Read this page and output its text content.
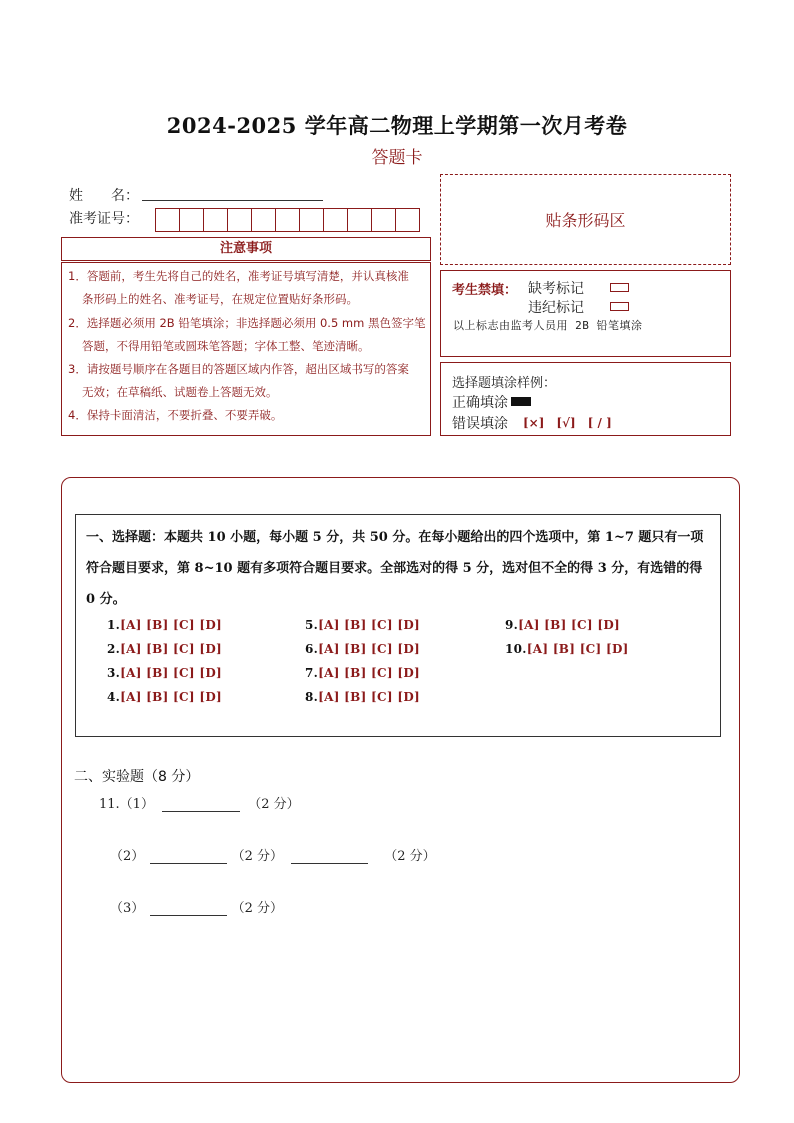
2024-2025 学年高二物理上学期第一次月考卷
答题卡
姓　　名：
准考证号：
注意事项
1．答题前，考生先将自己的姓名，准考证号填写清楚，并认真核准
条形码上的姓名、准考证号，在规定位置贴好条形码。
2．选择题必须用 2B 铅笔填涂；非选择题必须用 0.5 mm 黑色签字笔
答题，不得用铅笔或圆珠笔答题；字体工整、笔迹清晰。
3．请按题号顺序在各题目的答题区域内作答，超出区域书写的答案
无效；在草稿纸、试题卷上答题无效。
4．保持卡面清洁，不要折叠、不要弄破。
贴条形码区
考生禁填： 缺考标记
违纪标记
以上标志由监考人员用 2B 铅笔填涂
选择题填涂样例：
正确填涂
错误填涂 [×]　[√]　[ / ]
一、选择题：本题共 10 小题，每小题 5 分，共 50 分。在每小题给出的四个选项中，第 1~7 题只有一项符合题目要求，第 8~10 题有多项符合题目要求。全部选对的得 5 分，选对但不全的得 3 分，有选错的得 0 分。
1.[A] [B] [C] [D]
2.[A] [B] [C] [D]
3.[A] [B] [C] [D]
4.[A] [B] [C] [D]
5.[A] [B] [C] [D]
6.[A] [B] [C] [D]
7.[A] [B] [C] [D]
8.[A] [B] [C] [D]
9.[A] [B] [C] [D]
10.[A] [B] [C] [D]
二、实验题（8 分）
11.（1）	（2 分）
（2）	（2 分）	（2 分）
（3）	（2 分）
